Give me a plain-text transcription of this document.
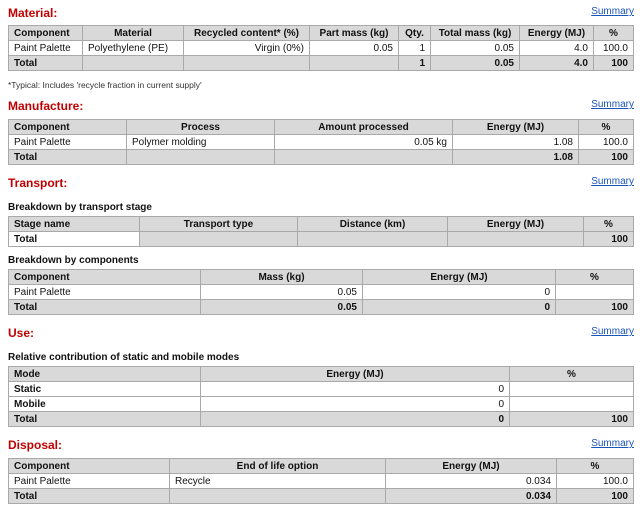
Material:	Summary
Component	Material	Recycled content* (%)	Part mass (kg)	Qty.	Total mass (kg)	Energy (MJ)	%
Paint Palette	Polyethylene (PE)	Virgin (0%)	0.05	1	0.05	4.0	100.0
Total				1	0.05	4.0	100

*Typical: Includes 'recycle fraction in current supply'

Manufacture:	Summary
Component	Process	Amount processed	Energy (MJ)	%
Paint Palette	Polymer molding	0.05 kg	1.08	100.0
Total			1.08	100
Transport:	Summary

Breakdown by transport stage

Stage name	Transport type	Distance (km)	Energy (MJ)	%
Total				100

Breakdown by components

Component	Mass (kg)	Energy (MJ)	%
Paint Palette	0.05	0	
Total	0.05	0	100
Use:	Summary

Relative contribution of static and mobile modes

Mode	Energy (MJ)	%
Static	0	
Mobile	0	
Total	0	100
Disposal:	Summary
Component	End of life option	Energy (MJ)	%
Paint Palette	Recycle	0.034	100.0
Total		0.034	100
